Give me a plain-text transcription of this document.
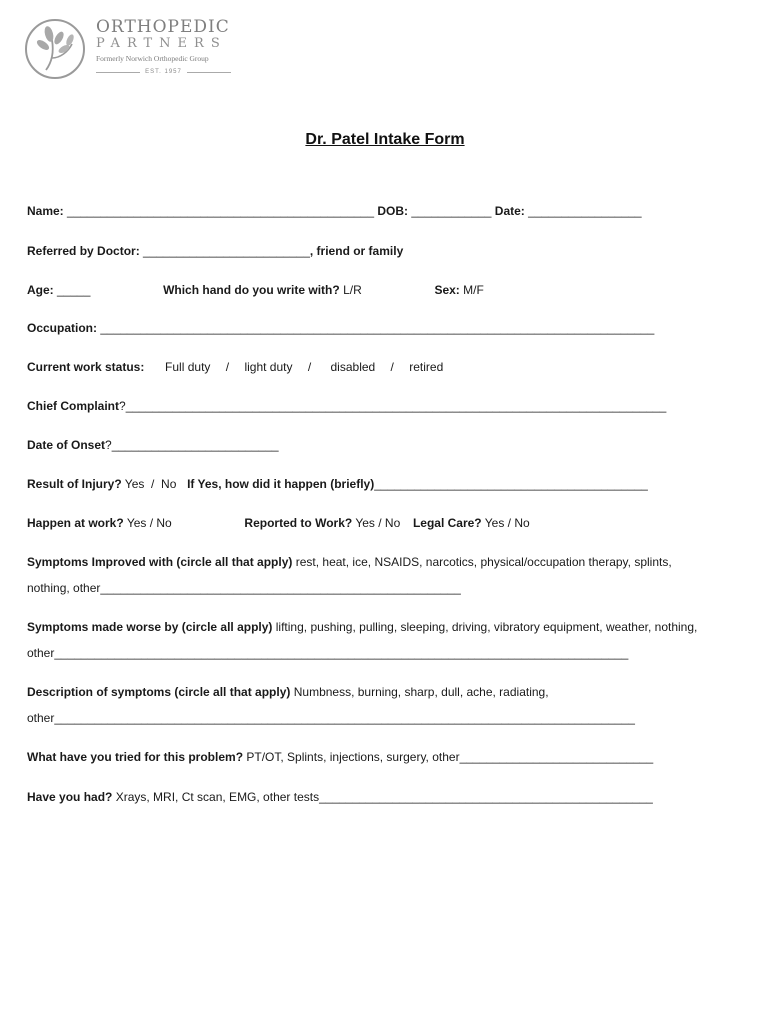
ORTHOPEDIC
PARTNERS
Formerly Norwich Orthopedic Group
EST. 1957
Dr. Patel Intake Form
Name: ______________________________________________ DOB: ____________ Date: _________________
Referred by Doctor: _________________________, friend or family
Age: _____	Which hand do you write with? L/R	Sex: M/F
Occupation: ___________________________________________________________________________________
Current work status: Full duty / light duty / disabled / retired
Chief Complaint?_________________________________________________________________________________
Date of Onset?_________________________
Result of Injury? Yes  /  No If Yes, how did it happen (briefly)_________________________________________
Happen at work? Yes / No	Reported to Work? Yes / No Legal Care? Yes / No
Symptoms Improved with (circle all that apply) rest, heat, ice, NSAIDS, narcotics, physical/occupation therapy, splints,
nothing, other______________________________________________________
Symptoms made worse by (circle all apply) lifting, pushing, pulling, sleeping, driving, vibratory equipment, weather, nothing,
other______________________________________________________________________________________
Description of symptoms (circle all that apply) Numbness, burning, sharp, dull, ache, radiating,
other_______________________________________________________________________________________
What have you tried for this problem? PT/OT, Splints, injections, surgery, other_____________________________
Have you had? Xrays, MRI, Ct scan, EMG, other tests__________________________________________________
